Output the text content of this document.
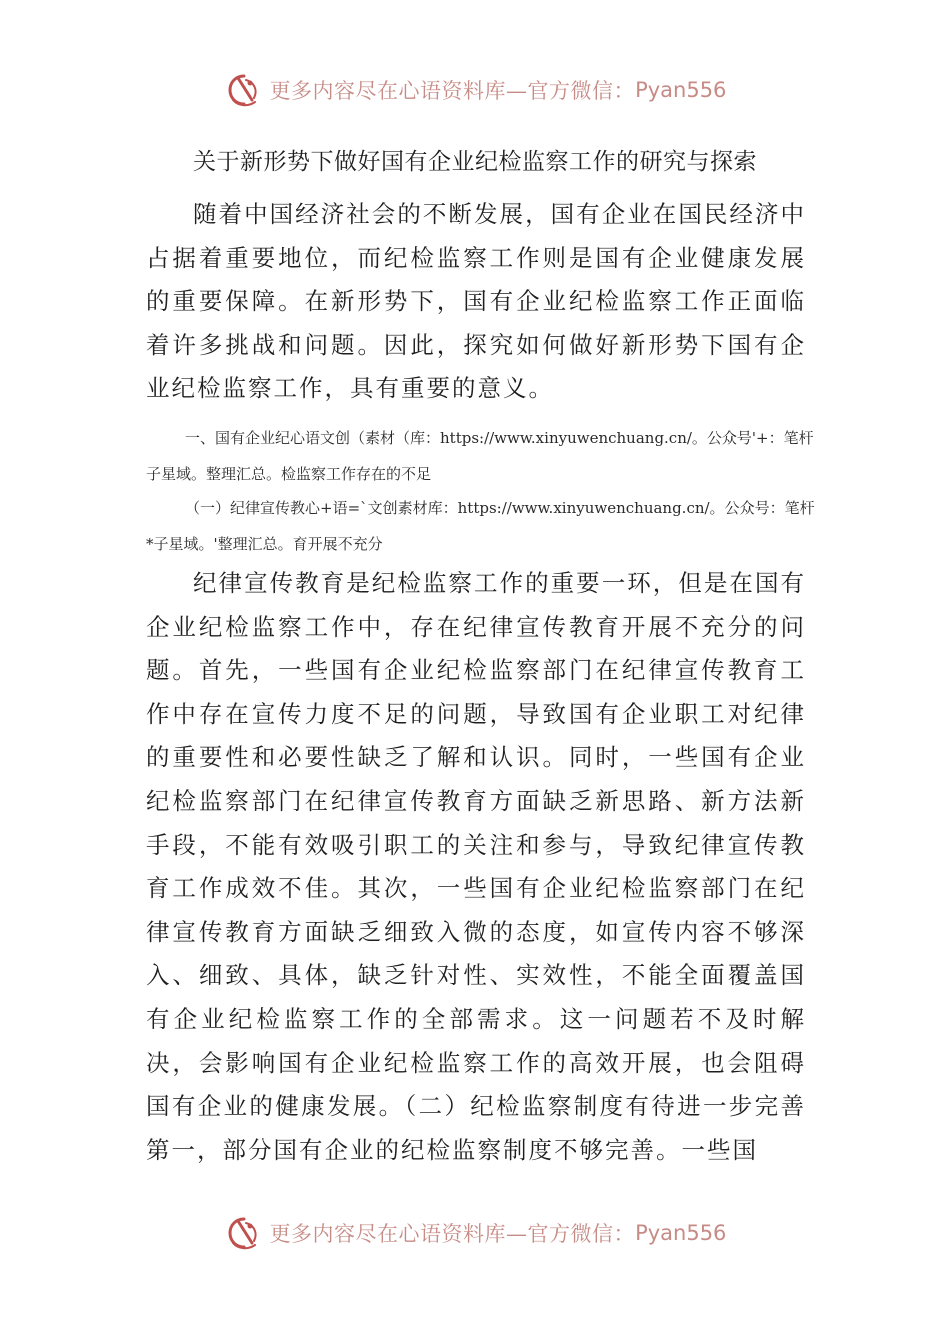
更多内容尽在心语资料库—官方微信： Pyan556
关于新形势下做好国有企业纪检监察工作的研究与探索

随着中国经济社会的不断发展，国有企业在国民经济中占据着重要地位，而纪检监察工作则是国有企业健康发展的重要保障。在新形势下，国有企业纪检监察工作正面临着许多挑战和问题。因此，探究如何做好新形势下国有企业纪检监察工作，具有重要的意义。

一、国有企业纪心语文创（素材（库：https://www.xinyuwenchuang.cn/。公众号'+：笔杆子星域。整理汇总。检监察工作存在的不足

（一）纪律宣传教心+语=`文创素材库：https://www.xinyuwenchuang.cn/。公众号：笔杆*子星域。'整理汇总。育开展不充分

纪律宣传教育是纪检监察工作的重要一环，但是在国有企业纪检监察工作中，存在纪律宣传教育开展不充分的问题。首先，一些国有企业纪检监察部门在纪律宣传教育工作中存在宣传力度不足的问题，导致国有企业职工对纪律的重要性和必要性缺乏了解和认识。同时，一些国有企业纪检监察部门在纪律宣传教育方面缺乏新思路、新方法新手段，不能有效吸引职工的关注和参与，导致纪律宣传教育工作成效不佳。其次，一些国有企业纪检监察部门在纪律宣传教育方面缺乏细致入微的态度，如宣传内容不够深入、细致、具体，缺乏针对性、实效性，不能全面覆盖国有企业纪检监察工作的全部需求。这一问题若不及时解决，会影响国有企业纪检监察工作的高效开展，也会阻碍国有企业的健康发展。（二）纪检监察制度有待进一步完善第一，部分国有企业的纪检监察制度不够完善。一些国

更多内容尽在心语资料库—官方微信： Pyan556
